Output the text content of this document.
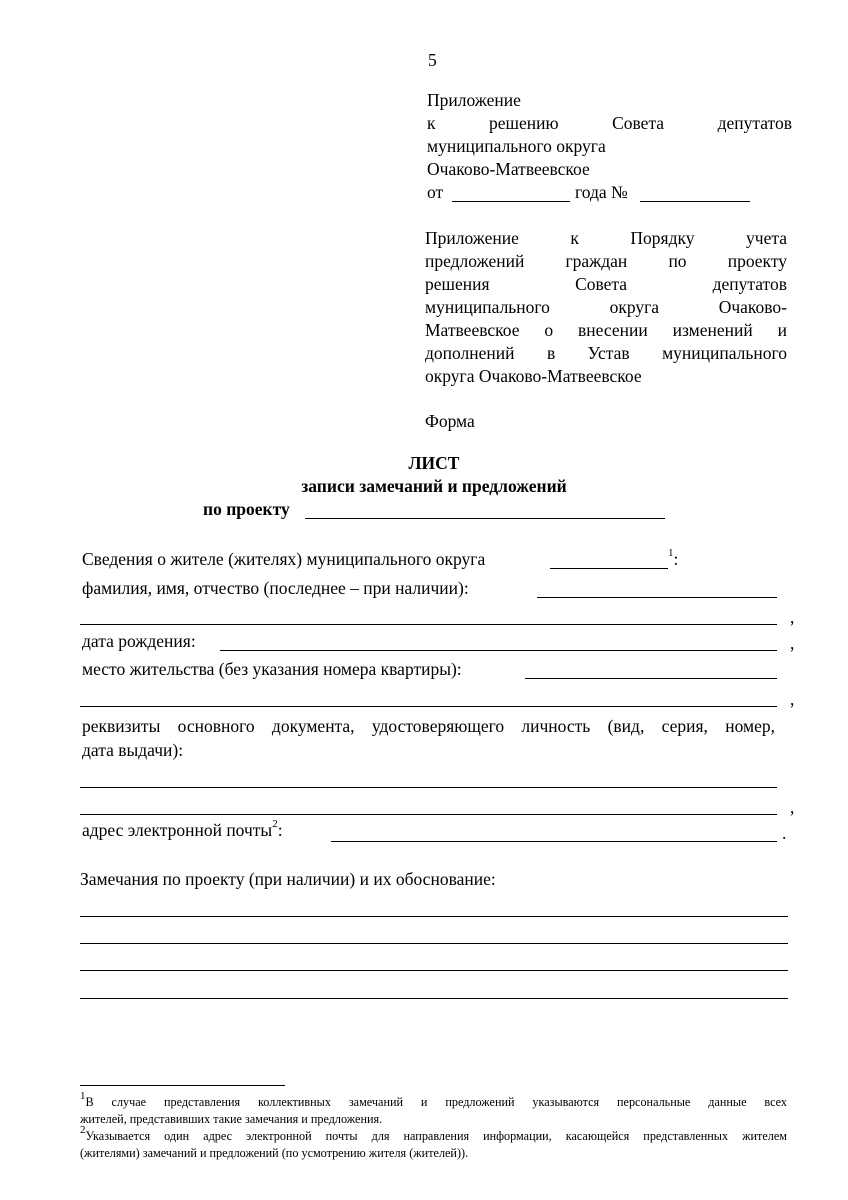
5
Приложение
к	решению	Совета	депутатов
муниципального округа
Очаково-Матвеевское
от	года №
Приложение	к	Порядку	учета
предложений граждан по проекту
решения	Совета	депутатов
муниципального	округа	Очаково-
Матвеевское о внесении изменений и
дополнений в Устав муниципального
округа Очаково-Матвеевское
Форма
ЛИСТ
записи замечаний и предложений
по проекту
Сведения о жителе (жителях) муниципального округа	$^1$:
фамилия, имя, отчество (последнее – при наличии):
,
дата рождения:	,
место жительства (без указания номера квартиры):
,
реквизиты основного документа, удостоверяющего личность (вид, серия, номер,
дата выдачи):
,
адрес электронной почты$^2$:	.
Замечания по проекту (при наличии) и их обоснование:
$^1$В случае представления коллективных замечаний и предложений указываются персональные данные всех
жителей, представивших такие замечания и предложения.
$^2$Указывается один адрес электронной почты для направления информации, касающейся представленных жителем
(жителями) замечаний и предложений (по усмотрению жителя (жителей)).
